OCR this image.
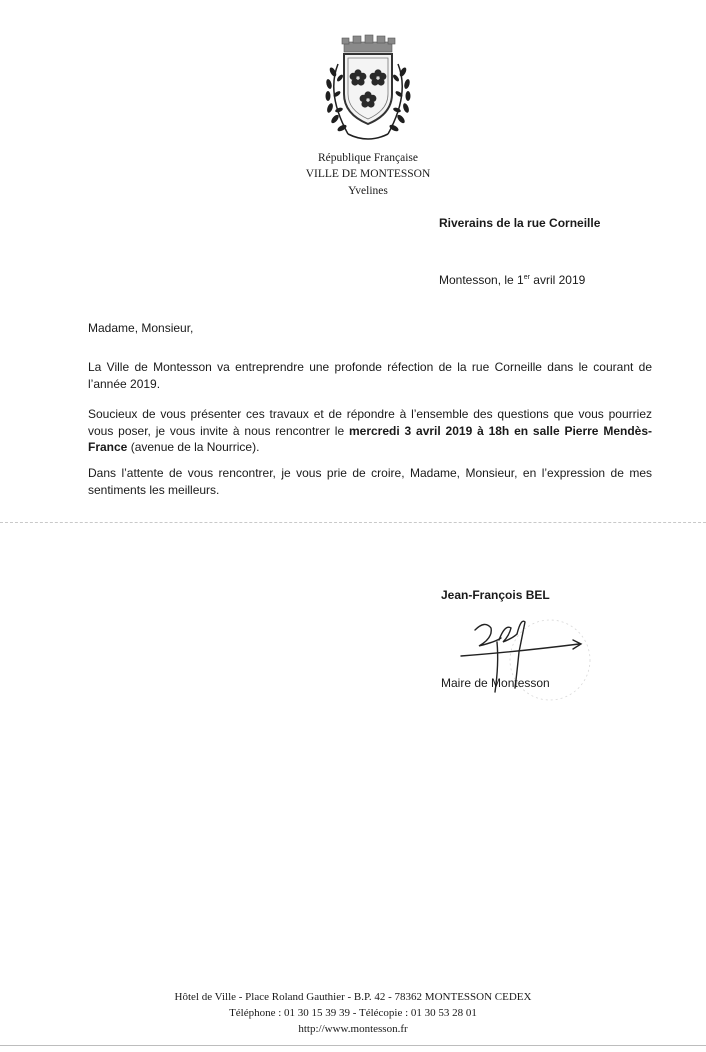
République Française
VILLE DE MONTESSON
Yvelines
Riverains de la rue Corneille
Montesson, le 1er avril 2019
Madame, Monsieur,
La Ville de Montesson va entreprendre une profonde réfection de la rue Corneille dans le courant de l’année 2019.
Soucieux de vous présenter ces travaux et de répondre à l’ensemble des questions que vous pourriez vous poser, je vous invite à nous rencontrer le mercredi 3 avril 2019 à 18h en salle Pierre Mendès-France (avenue de la Nourrice).
Dans l’attente de vous rencontrer, je vous prie de croire, Madame, Monsieur, en l’expression de mes sentiments les meilleurs.
Jean-François BEL
Maire de Montesson
Hôtel de Ville - Place Roland Gauthier - B.P. 42 - 78362 MONTESSON CEDEX
Téléphone : 01 30 15 39 39 - Télécopie : 01 30 53 28 01
http://www.montesson.fr
